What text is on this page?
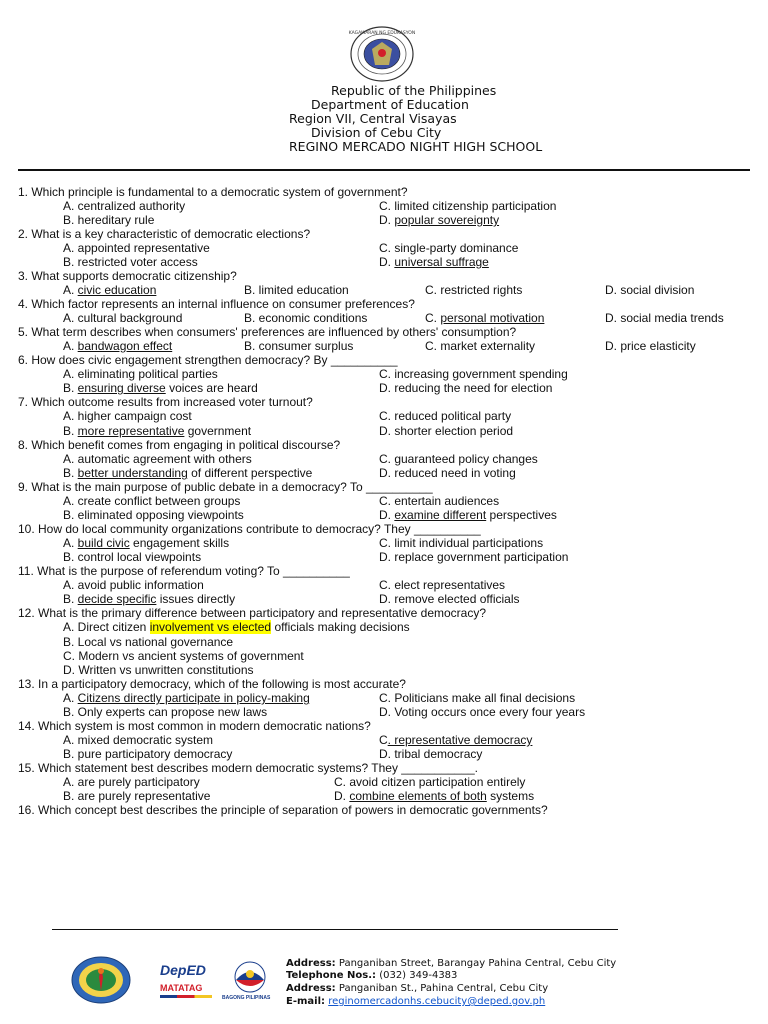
KAGAWARAN NG EDUKASYON
Republic of the Philippines
Department of Education
Region VII, Central Visayas
Division of Cebu City
REGINO MERCADO NIGHT HIGH SCHOOL
1. Which principle is fundamental to a democratic system of government?
A. centralized authority	C. limited citizenship participation
B. hereditary rule	D. popular sovereignty
2. What is a key characteristic of democratic elections?
A. appointed representative	C. single-party dominance
B. restricted voter access	D. universal suffrage
3. What supports democratic citizenship?
A. civic education	B. limited education	C. restricted rights	D. social division
4. Which factor represents an internal influence on consumer preferences?
A. cultural background	B. economic conditions	C. personal motivation	D. social media trends
5. What term describes when consumers' preferences are influenced by others' consumption?
A. bandwagon effect	B. consumer surplus	C. market externality	D. price elasticity
6. How does civic engagement strengthen democracy? By __________
A. eliminating political parties	C. increasing government spending
B. ensuring diverse voices are heard	D. reducing the need for election
7. Which outcome results from increased voter turnout?
A. higher campaign cost	C. reduced political party
B. more representative government	D. shorter election period
8. Which benefit comes from engaging in political discourse?
A. automatic agreement with others	C. guaranteed policy changes
B. better understanding of different perspective	D. reduced need in voting
9. What is the main purpose of public debate in a democracy? To __________
A. create conflict between groups	C. entertain audiences
B. eliminated opposing viewpoints	D. examine different perspectives
10. How do local community organizations contribute to democracy? They __________
A. build civic engagement skills	C. limit individual participations
B. control local viewpoints	D. replace government participation
11. What is the purpose of referendum voting? To __________
A. avoid public information	C. elect representatives
B. decide specific issues directly	D. remove elected officials
12. What is the primary difference between participatory and representative democracy?
A. Direct citizen involvement vs elected officials making decisions
B. Local vs national governance
C. Modern vs ancient systems of government
D. Written vs unwritten constitutions
13. In a participatory democracy, which of the following is most accurate?
A. Citizens directly participate in policy-making	C. Politicians make all final decisions
B. Only experts can propose new laws	D. Voting occurs once every four years
14. Which system is most common in modern democratic nations?
A. mixed democratic system	C. representative democracy
B. pure participatory democracy	D. tribal democracy
15. Which statement best describes modern democratic systems? They ___________.
A. are purely participatory	C. avoid citizen participation entirely
B. are purely representative	D. combine elements of both systems
16. Which concept best describes the principle of separation of powers in democratic governments?
DepED
MATATAG
BAGONG PILIPINAS
Address: Panganiban Street, Barangay Pahina Central, Cebu City
Telephone Nos.: (032) 349-4383
Address: Panganiban St., Pahina Central, Cebu City
E-mail: reginomercadonhs.cebucity@deped.gov.ph
